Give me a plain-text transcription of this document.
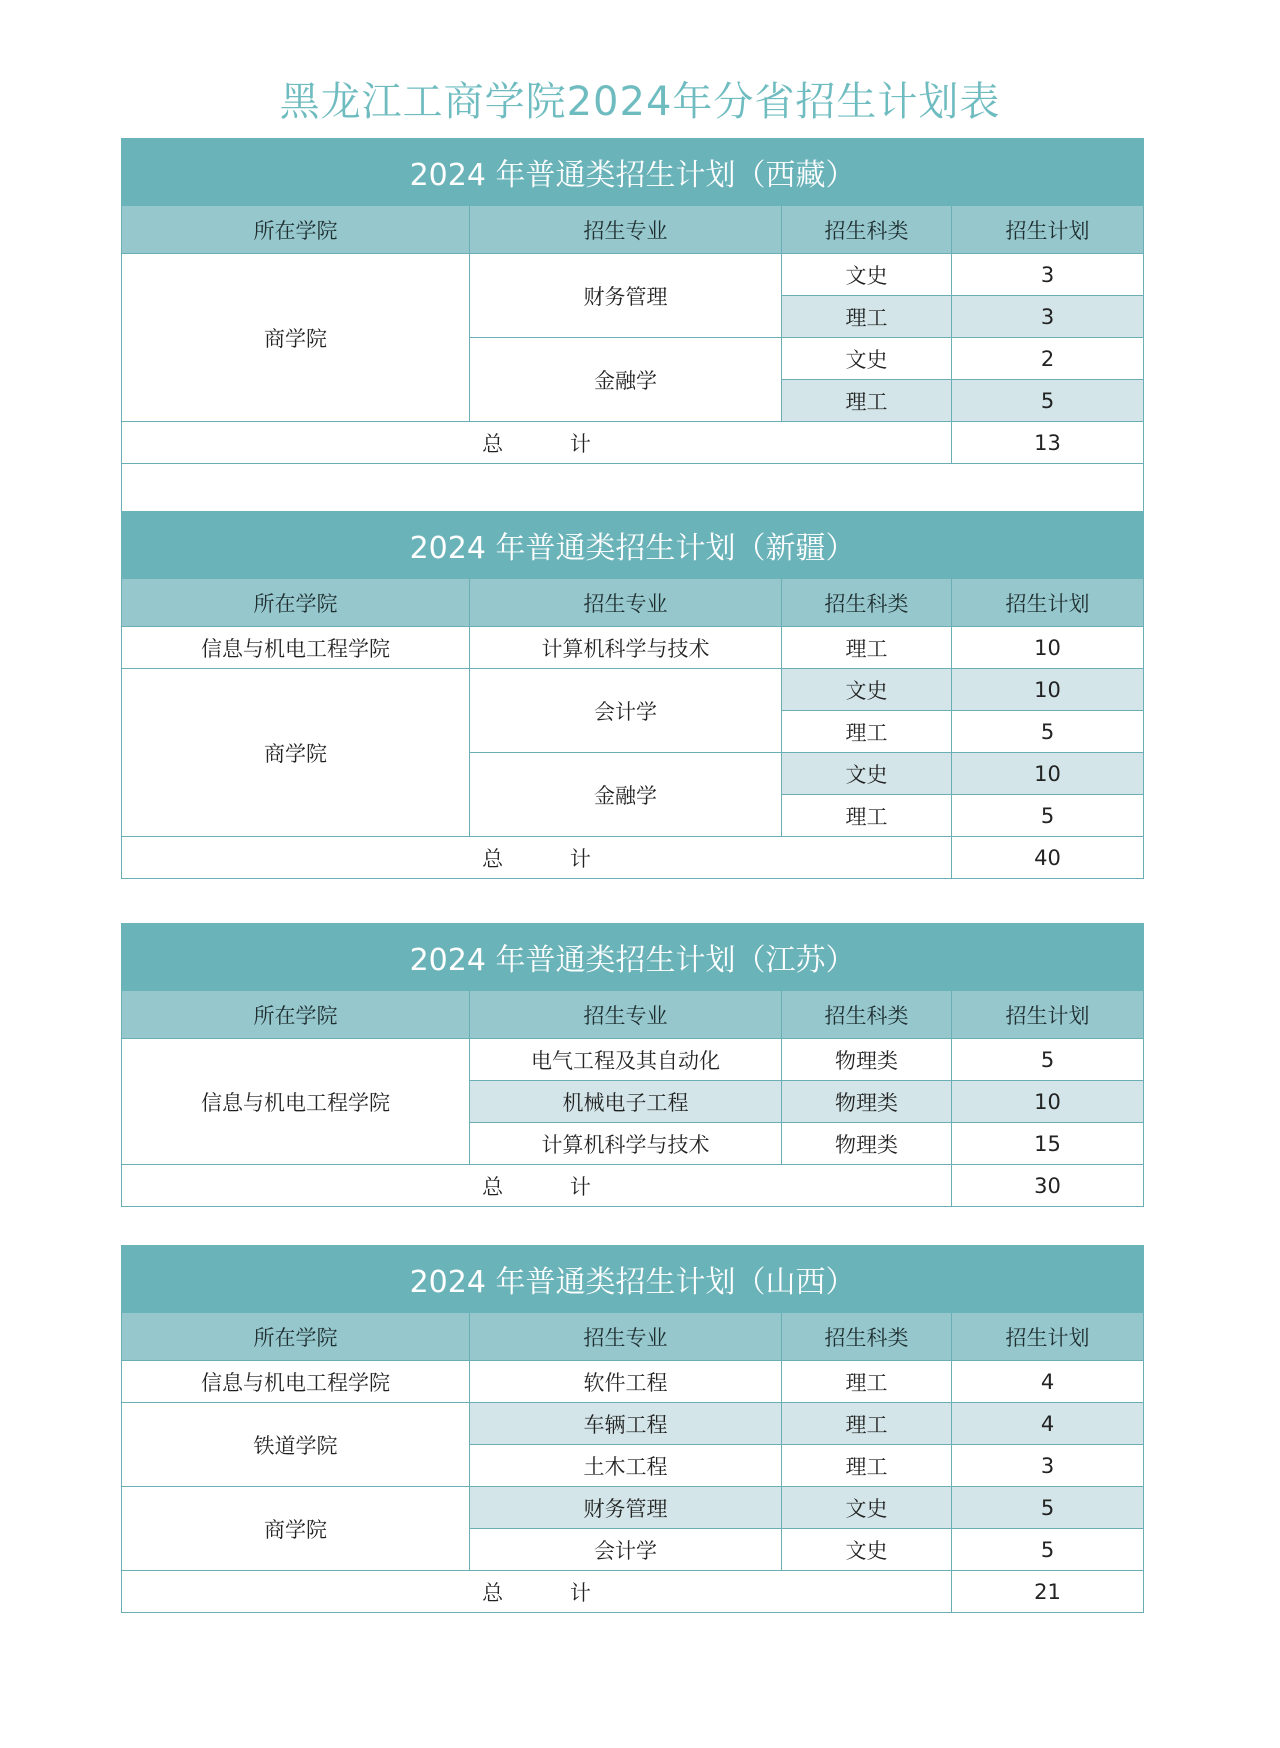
黑龙江工商学院2024年分省招生计划表
2024 年普通类招生计划（西藏）			
所在学院	招生专业	招生科类	招生计划
商学院	财务管理	文史	3
		理工	3
	金融学	文史	2
		理工	5
总 计			13

2024 年普通类招生计划（新疆）			
所在学院	招生专业	招生科类	招生计划
信息与机电工程学院	计算机科学与技术	理工	10
商学院	会计学	文史	10
		理工	5
	金融学	文史	10
		理工	5
总 计			40
2024 年普通类招生计划（江苏）			
所在学院	招生专业	招生科类	招生计划
信息与机电工程学院	电气工程及其自动化	物理类	5
	机械电子工程	物理类	10
	计算机科学与技术	物理类	15
总 计			30
2024 年普通类招生计划（山西）			
所在学院	招生专业	招生科类	招生计划
信息与机电工程学院	软件工程	理工	4
铁道学院	车辆工程	理工	4
	土木工程	理工	3
商学院	财务管理	文史	5
	会计学	文史	5
总 计			21
